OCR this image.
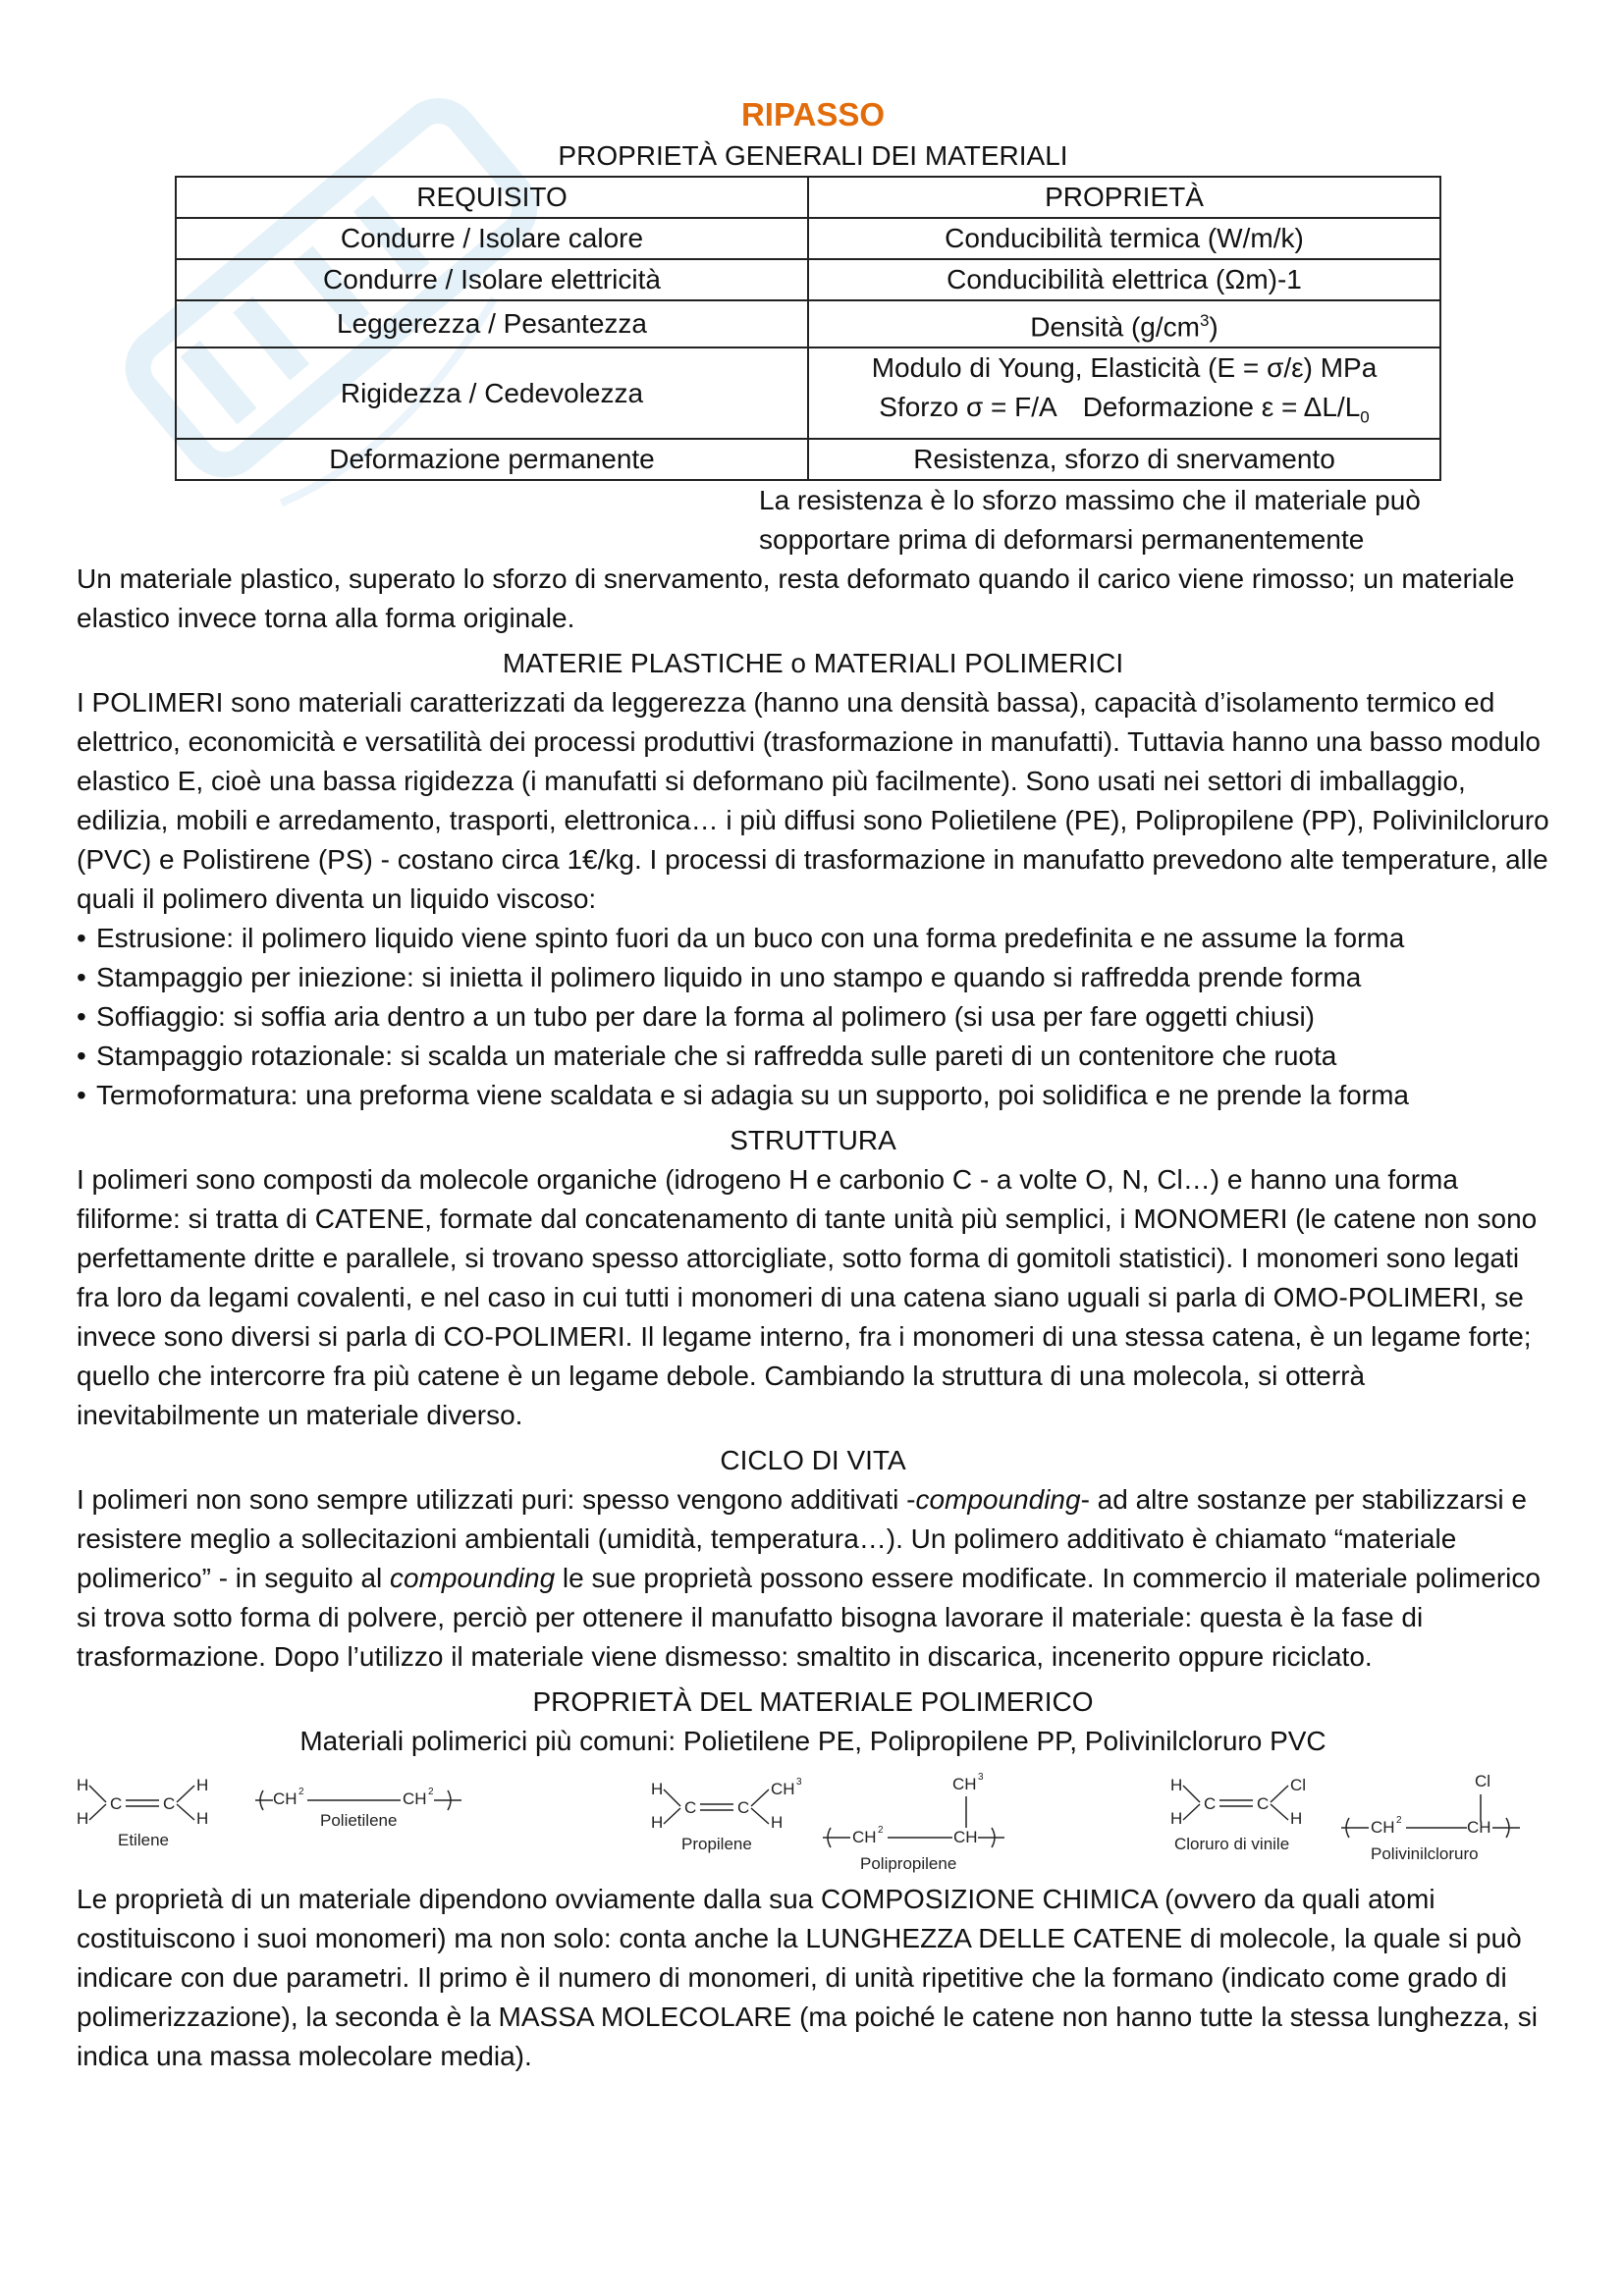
RIPASSO

PROPRIETÀ GENERALI DEI MATERIALI

REQUISITO	PROPRIETÀ
Condurre / Isolare calore	Conducibilità termica (W/m/k)
Condurre / Isolare elettricità	Conducibilità elettrica (Ωm)-1
Leggerezza / Pesantezza	Densità $(g/cm^3)$
Rigidezza / Cedevolezza	Modulo di Young, Elasticità (E = σ/ε) MPa
Sforzo σ = F/A Deformazione $\varepsilon = \Delta L/L_0$

Deformazione permanente	Resistenza, sforzo di snervamento
La resistenza è lo sforzo massimo che il materiale può
sopportare prima di deformarsi permanentemente

Un materiale plastico, superato lo sforzo di snervamento, resta deformato quando il carico viene rimosso; un materiale elastico invece torna alla forma originale.

MATERIE PLASTICHE o MATERIALI POLIMERICI

I POLIMERI sono materiali caratterizzati da leggerezza (hanno una densità bassa), capacità d’isolamento termico ed elettrico, economicità e versatilità dei processi produttivi (trasformazione in manufatti). Tuttavia hanno una basso modulo elastico E, cioè una bassa rigidezza (i manufatti si deformano più facilmente). Sono usati nei settori di imballaggio, edilizia, mobili e arredamento, trasporti, elettronica… i più diffusi sono Polietilene (PE), Polipropilene (PP), Polivinilcloruro (PVC) e Polistirene (PS) - costano circa 1€/kg. I processi di trasformazione in manufatto prevedono alte temperature, alle quali il polimero diventa un liquido viscoso:

• Estrusione: il polimero liquido viene spinto fuori da un buco con una forma predefinita e ne assume la forma
• Stampaggio per iniezione: si inietta il polimero liquido in uno stampo e quando si raffredda prende forma
• Soffiaggio: si soffia aria dentro a un tubo per dare la forma al polimero (si usa per fare oggetti chiusi)
• Stampaggio rotazionale: si scalda un materiale che si raffredda sulle pareti di un contenitore che ruota
• Termoformatura: una preforma viene scaldata e si adagia su un supporto, poi solidifica e ne prende la forma

STRUTTURA

I polimeri sono composti da molecole organiche (idrogeno H e carbonio C - a volte O, N, Cl…) e hanno una forma filiforme: si tratta di CATENE, formate dal concatenamento di tante unità più semplici, i MONOMERI (le catene non sono perfettamente dritte e parallele, si trovano spesso attorcigliate, sotto forma di gomitoli statistici). I monomeri sono legati fra loro da legami covalenti, e nel caso in cui tutti i monomeri di una catena siano uguali si parla di OMO-POLIMERI, se invece sono diversi si parla di CO-POLIMERI. Il legame interno, fra i monomeri di una stessa catena, è un legame forte; quello che intercorre fra più catene è un legame debole. Cambiando la struttura di una molecola, si otterrà inevitabilmente un materiale diverso.

CICLO DI VITA

I polimeri non sono sempre utilizzati puri: spesso vengono additivati -compounding- ad altre sostanze per stabilizzarsi e resistere meglio a sollecitazioni ambientali (umidità, temperatura…). Un polimero additivato è chiamato “materiale polimerico” - in seguito al compounding le sue proprietà possono essere modificate. In commercio il materiale polimerico si trova sotto forma di polvere, perciò per ottenere il manufatto bisogna lavorare il materiale: questa è la fase di trasformazione. Dopo l’utilizzo il materiale viene dismesso: smaltito in discarica, incenerito oppure riciclato.

PROPRIETÀ DEL MATERIALE POLIMERICO

Materiali polimerici più comuni: Polietilene PE, Polipropilene PP, Polivinilcloruro PVC

H
H
C C
H
H
Etilene
CH 2	CH 2
Polietilene
H
H
C C
CH 3
H
Propilene
CH 3
CH 2	CH
Polipropilene
H
H
C C
Cl
H
Cloruro di vinile
Cl
CH 2	CH
Polivinilcloruro

Le proprietà di un materiale dipendono ovviamente dalla sua COMPOSIZIONE CHIMICA (ovvero da quali atomi costituiscono i suoi monomeri) ma non solo: conta anche la LUNGHEZZA DELLE CATENE di molecole, la quale si può indicare con due parametri. Il primo è il numero di monomeri, di unità ripetitive che la formano (indicato come grado di polimerizzazione), la seconda è la MASSA MOLECOLARE (ma poiché le catene non hanno tutte la stessa lunghezza, si indica una massa molecolare media).
